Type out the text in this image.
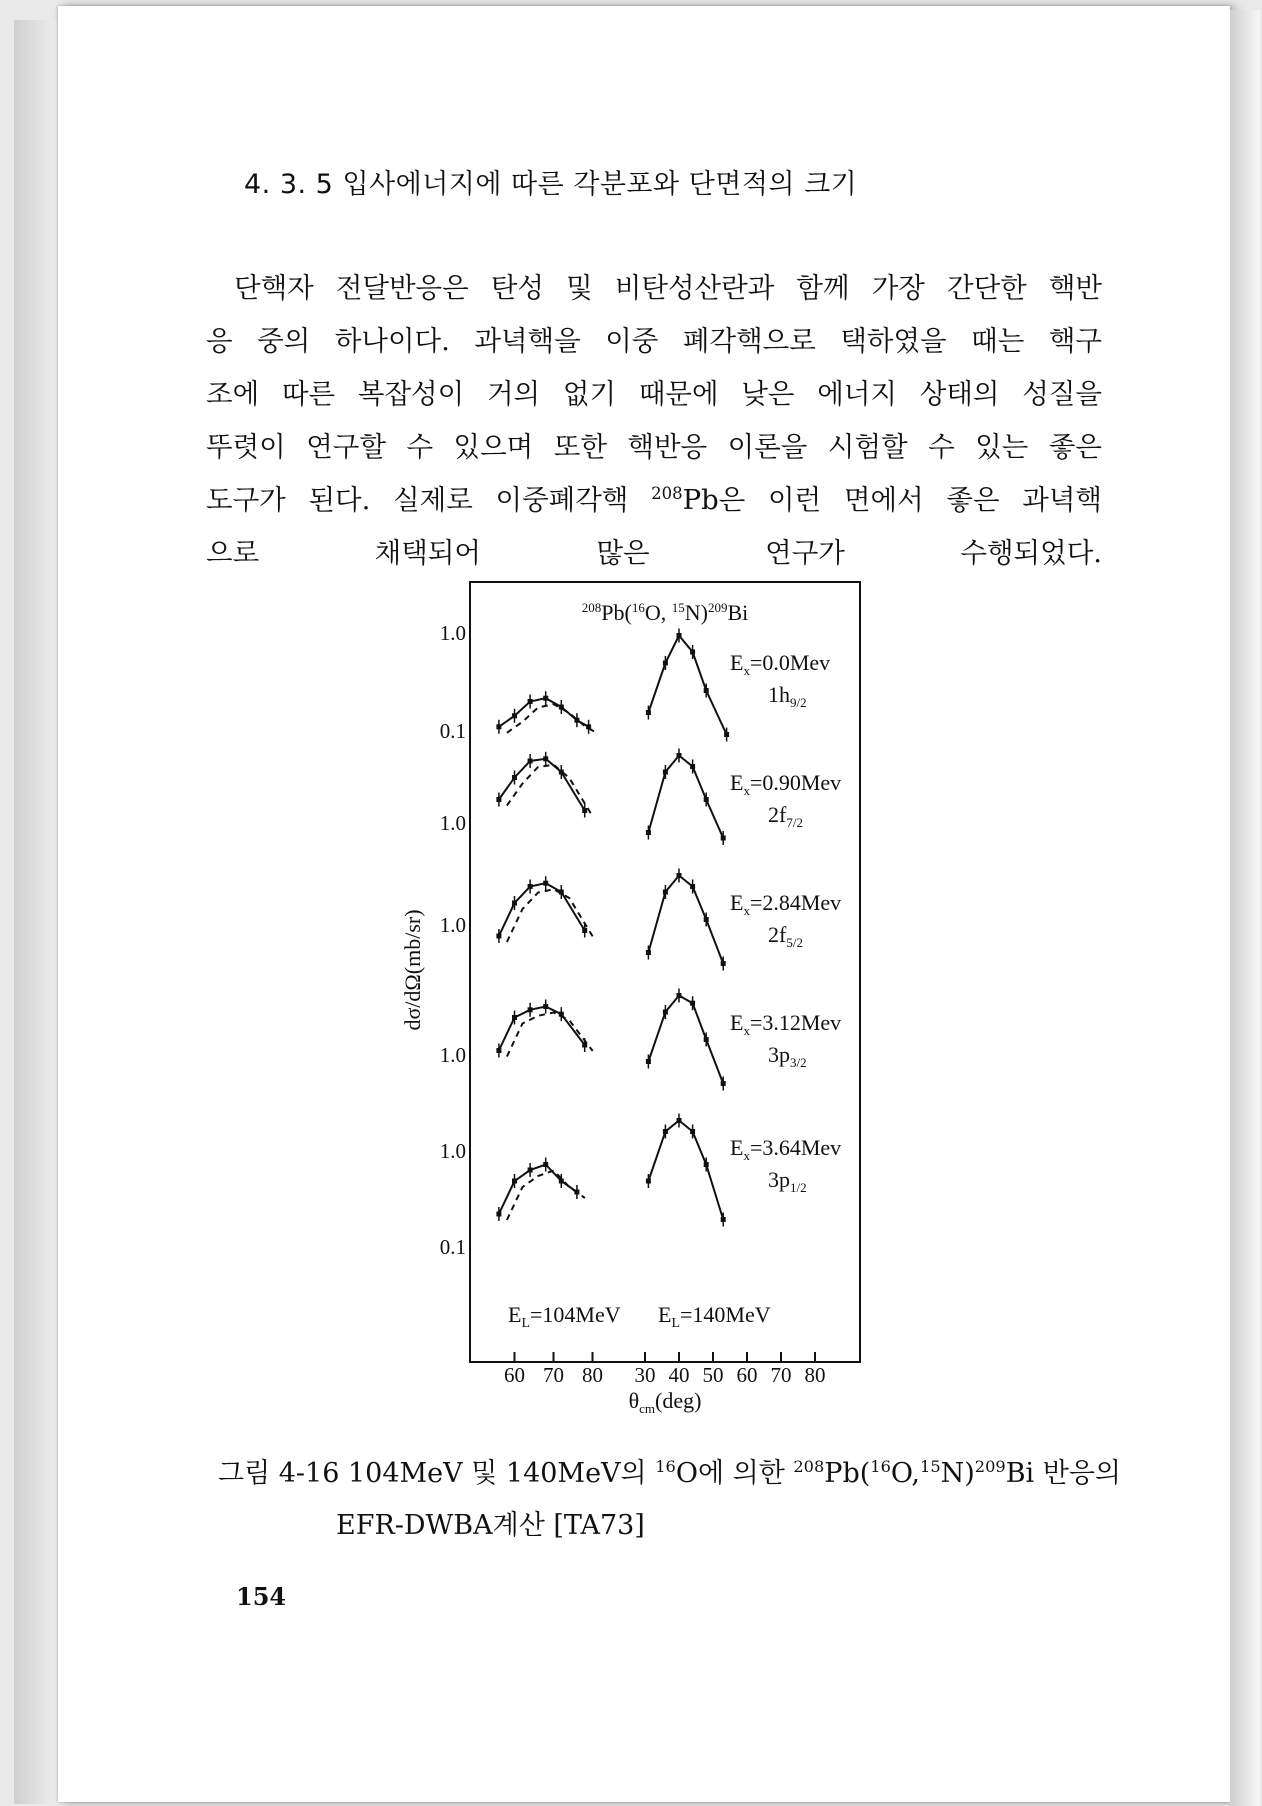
4. 3. 5 입사에너지에 따른 각분포와 단면적의 크기
단핵자 전달반응은 탄성 및 비탄성산란과 함께 가장 간단한 핵반
응 중의 하나이다. 과녁핵을 이중 폐각핵으로 택하였을 때는 핵구
조에 따른 복잡성이 거의 없기 때문에 낮은 에너지 상태의 성질을
뚜렷이 연구할 수 있으며 또한 핵반응 이론을 시험할 수 있는 좋은
도구가 된다. 실제로 이중폐각핵 $^{208}$Pb은 이런 면에서 좋은 과녁핵
으로 채택되어 많은 연구가 수행되었다.
$^{208}$Pb($^{16}$O, $^{15}$N)$^{209}$Bi
dσ/dΩ(mb/sr)
1.0
0.1
1.0
1.0
1.0
1.0
0.1
$E_x=0.0Mev$
$1h_{9/2}$
$E_x=0.90Mev$
$2f_{7/2}$
$E_x=2.84Mev$
$2f_{5/2}$
$E_x=3.12Mev$
$3p_{3/2}$
$E_x=3.64Mev$
$3p_{1/2}$
$E_L=104MeV$ $E_L=140MeV$
60 70 80 30 40 50 60 70 80
$\theta_{cm}(deg)$
그림 4-16 104MeV 및 140MeV의 $^{16}$O에 의한 $^{208}Pb(^{16}O,^{15}N)^{209}Bi$ 반응의
EFR-DWBA계산 [TA73]
154
